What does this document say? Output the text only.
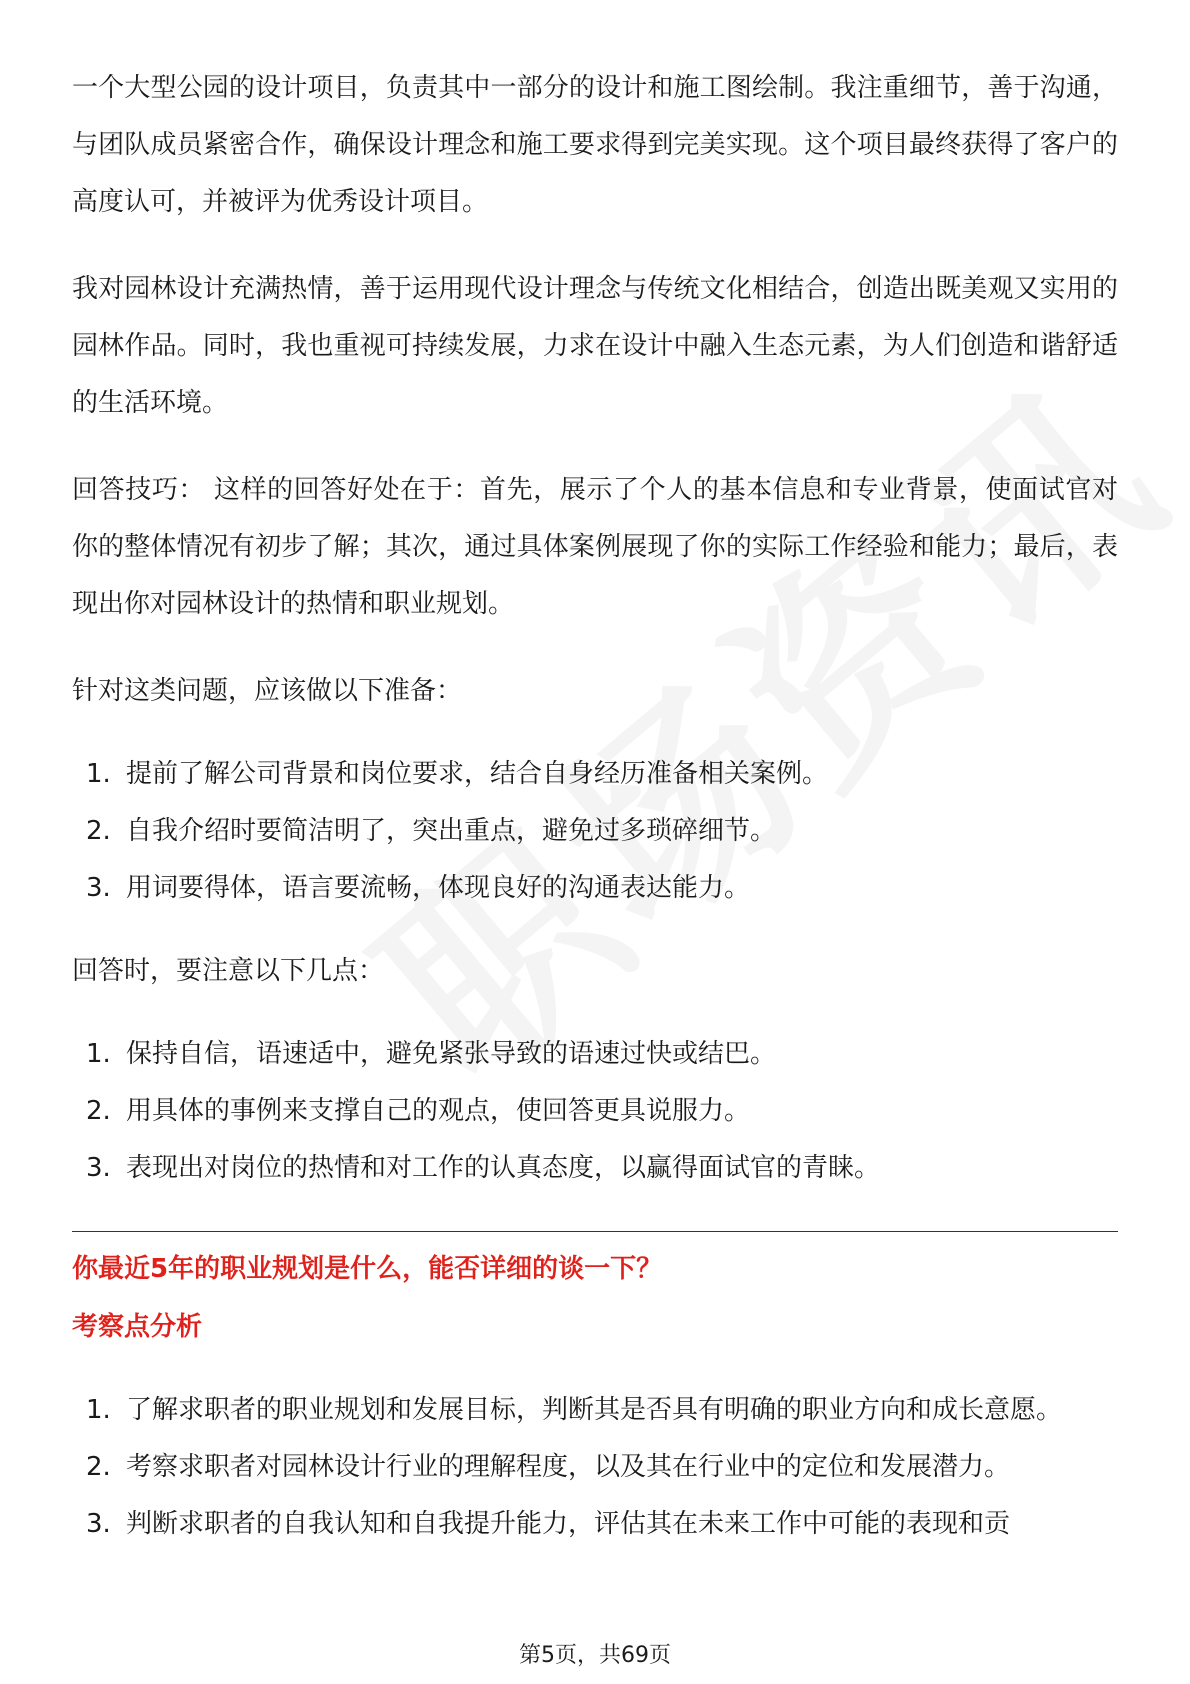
一个大型公园的设计项目，负责其中一部分的设计和施工图绘制。我注重细节，善于沟通，与团队成员紧密合作，确保设计理念和施工要求得到完美实现。这个项目最终获得了客户的高度认可，并被评为优秀设计项目。

我对园林设计充满热情，善于运用现代设计理念与传统文化相结合，创造出既美观又实用的园林作品。同时，我也重视可持续发展，力求在设计中融入生态元素，为人们创造和谐舒适的生活环境。

回答技巧： 这样的回答好处在于：首先，展示了个人的基本信息和专业背景，使面试官对你的整体情况有初步了解；其次，通过具体案例展现了你的实际工作经验和能力；最后，表现出你对园林设计的热情和职业规划。

针对这类问题，应该做以下准备：

1. 提前了解公司背景和岗位要求，结合自身经历准备相关案例。
2. 自我介绍时要简洁明了，突出重点，避免过多琐碎细节。
3. 用词要得体，语言要流畅，体现良好的沟通表达能力。

回答时，要注意以下几点：

1. 保持自信，语速适中，避免紧张导致的语速过快或结巴。
2. 用具体的事例来支撑自己的观点，使回答更具说服力。
3. 表现出对岗位的热情和对工作的认真态度，以赢得面试官的青睐。

你最近5年的职业规划是什么，能否详细的谈一下？

考察点分析

1. 了解求职者的职业规划和发展目标，判断其是否具有明确的职业方向和成长意愿。
2. 考察求职者对园林设计行业的理解程度，以及其在行业中的定位和发展潜力。
3. 判断求职者的自我认知和自我提升能力，评估其在未来工作中可能的表现和贡
第5页，共69页
